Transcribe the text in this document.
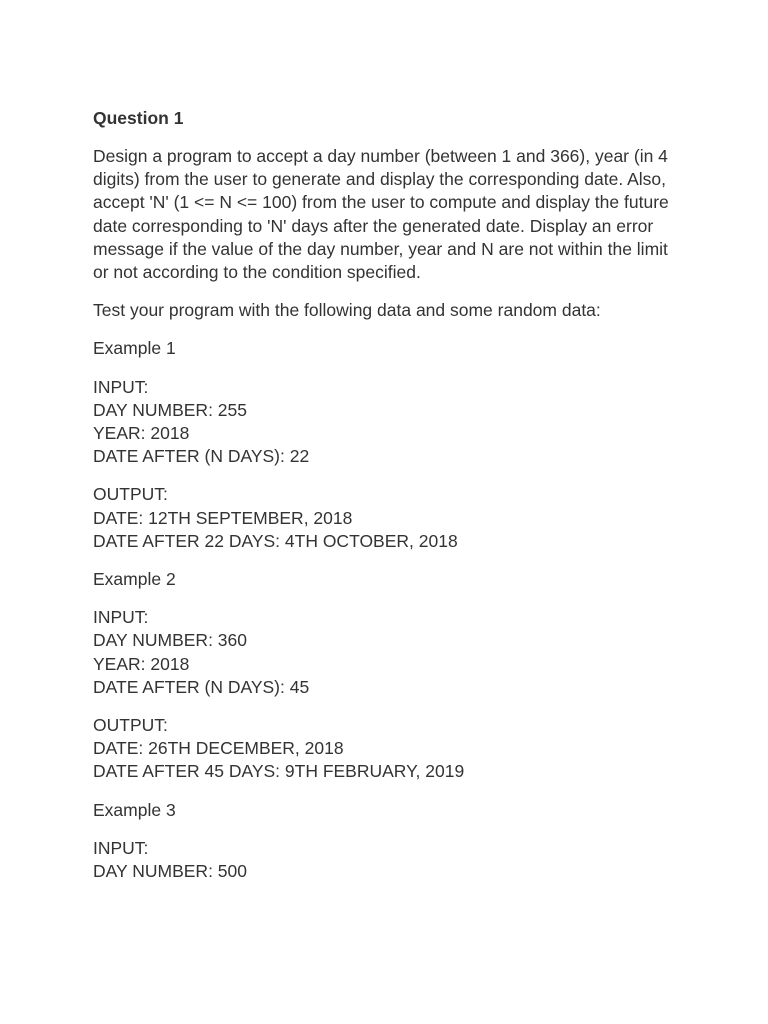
Question 1
Design a program to accept a day number (between 1 and 366), year (in 4 digits) from the user to generate and display the corresponding date. Also, accept 'N' (1 <= N <= 100) from the user to compute and display the future date corresponding to 'N' days after the generated date. Display an error message if the value of the day number, year and N are not within the limit or not according to the condition specified.
Test your program with the following data and some random data:
Example 1
INPUT:
DAY NUMBER: 255
YEAR: 2018
DATE AFTER (N DAYS): 22
OUTPUT:
DATE: 12TH SEPTEMBER, 2018
DATE AFTER 22 DAYS: 4TH OCTOBER, 2018
Example 2
INPUT:
DAY NUMBER: 360
YEAR: 2018
DATE AFTER (N DAYS): 45
OUTPUT:
DATE: 26TH DECEMBER, 2018
DATE AFTER 45 DAYS: 9TH FEBRUARY, 2019
Example 3
INPUT:
DAY NUMBER: 500
